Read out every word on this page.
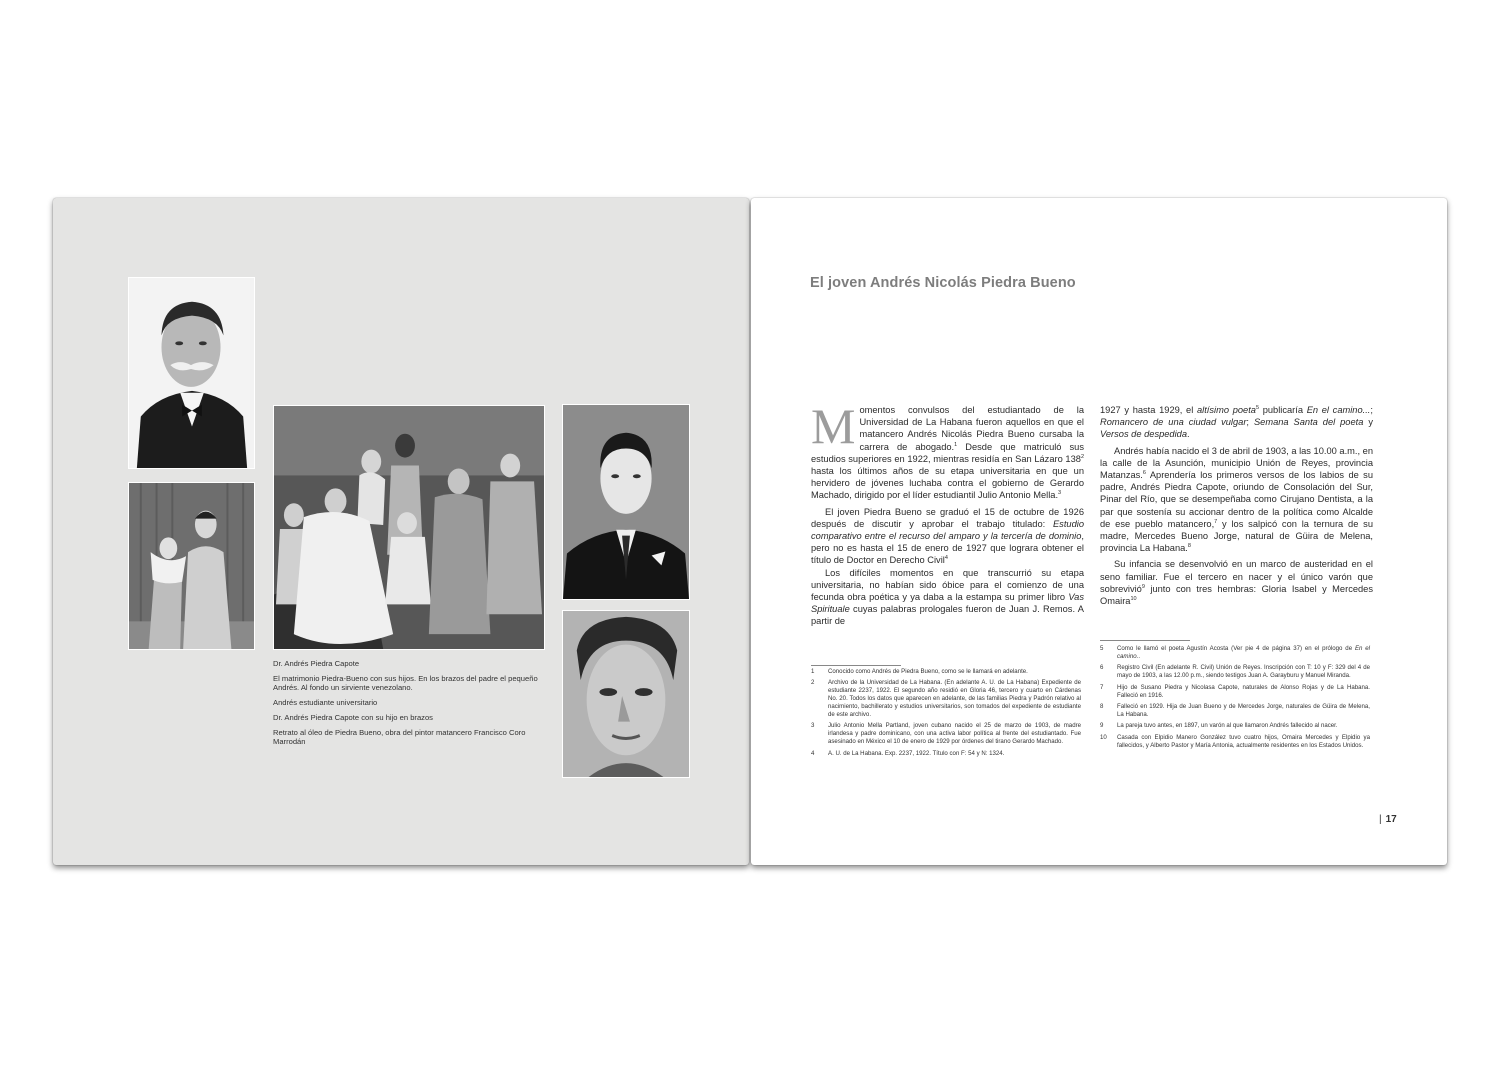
Dr. Andrés Piedra Capote

El matrimonio Piedra-Bueno con sus hijos. En los brazos del padre el pequeño Andrés. Al fondo un sirviente venezolano.

Andrés estudiante universitario

Dr. Andrés Piedra Capote con su hijo en brazos

Retrato al óleo de Piedra Bueno, obra del pintor matancero Francisco Coro Marrodán

El joven Andrés Nicolás Piedra Bueno

Momentos convulsos del estudiantado de la Universidad de La Habana fueron aquellos en que el matancero Andrés Nicolás Piedra Bueno cursaba la carrera de abogado.$^1$ Desde que matriculó sus estudios superiores en 1922, mientras residía en San Lázaro $138^2$ hasta los últimos años de su etapa universitaria en que un hervidero de jóvenes luchaba contra el gobierno de Gerardo Machado, dirigido por el líder estudiantil Julio Antonio Mella.$^3$

El joven Piedra Bueno se graduó el 15 de octubre de 1926 después de discutir y aprobar el trabajo titulado: Estudio comparativo entre el recurso del amparo y la tercería de dominio, pero no es hasta el 15 de enero de 1927 que lograra obtener el título de Doctor en Derecho Civil$^4$

Los difíciles momentos en que transcurrió su etapa universitaria, no habían sido óbice para el comienzo de una fecunda obra poética y ya daba a la estampa su primer libro Vas Spirituale cuyas palabras prologales fueron de Juan J. Remos. A partir de

1927 y hasta 1929, el altísimo poeta$^5$ publicaría En el camino...; Romancero de una ciudad vulgar; Semana Santa del poeta y Versos de despedida.

Andrés había nacido el 3 de abril de 1903, a las 10.00 a.m., en la calle de la Asunción, municipio Unión de Reyes, provincia Matanzas.$^6$ Aprendería los primeros versos de los labios de su padre, Andrés Piedra Capote, oriundo de Consolación del Sur, Pinar del Río, que se desempeñaba como Cirujano Dentista, a la par que sostenía su accionar dentro de la política como Alcalde de ese pueblo matancero,$^7$ y los salpicó con la ternura de su madre, Mercedes Bueno Jorge, natural de Güira de Melena, provincia La Habana.$^8$

Su infancia se desenvolvió en un marco de austeridad en el seno familiar. Fue el tercero en nacer y el único varón que sobrevivió$^9$ junto con tres hembras: Gloria Isabel y Mercedes Omaira$^{10}$

1	Conocido como Andrés de Piedra Bueno, como se le llamará en adelante.
2	Archivo de la Universidad de La Habana. (En adelante A. U. de La Habana) Expediente de estudiante 2237, 1922. El segundo año residió en Gloria 46, tercero y cuarto en Cárdenas No. 20. Todos los datos que aparecen en adelante, de las familias Piedra y Padrón relativo al nacimiento, bachillerato y estudios universitarios, son tomados del expediente de estudiante de este archivo.
3	Julio Antonio Mella Partland, joven cubano nacido el 25 de marzo de 1903, de madre irlandesa y padre dominicano, con una activa labor política al frente del estudiantado. Fue asesinado en México el 10 de enero de 1929 por órdenes del tirano Gerardo Machado.
4	A. U. de La Habana. Exp. 2237, 1922. Título con F: 54 y N: 1324.
5	Como le llamó el poeta Agustín Acosta (Ver pie 4 de página 37) en el prólogo de En el camino..
6	Registro Civil (En adelante R. Civil) Unión de Reyes. Inscripción con T: 10 y F: 329 del 4 de mayo de 1903, a las 12.00 p.m., siendo testigos Juan A. Garayburu y Manuel Miranda.
7	Hijo de Susano Piedra y Nicolasa Capote, naturales de Alonso Rojas y de La Habana. Falleció en 1916.
8	Falleció en 1929. Hija de Juan Bueno y de Mercedes Jorge, naturales de Güira de Melena, La Habana.
9	La pareja tuvo antes, en 1897, un varón al que llamaron Andrés fallecido al nacer.
10	Casada con Elpidio Manero González tuvo cuatro hijos, Omaira Mercedes y Elpidio ya fallecidos, y Alberto Pastor y María Antonia, actualmente residentes en los Estados Unidos.
| 17
